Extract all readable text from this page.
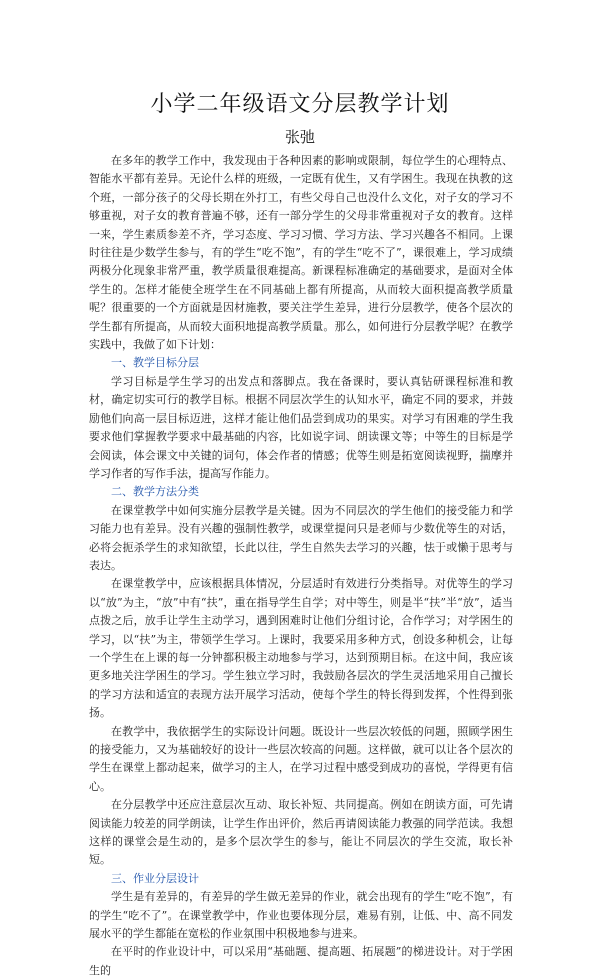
小学二年级语文分层教学计划
张弛

在多年的教学工作中，我发现由于各种因素的影响或限制，每位学生的心理特点、智能水平都有差异。无论什么样的班级，一定既有优生，又有学困生。我现在执教的这个班，一部分孩子的父母长期在外打工，有些父母自己也没什么文化，对子女的学习不够重视，对子女的教育普遍不够，还有一部分学生的父母非常重视对子女的教育。这样一来，学生素质参差不齐，学习态度、学习习惯、学习方法、学习兴趣各不相同。上课时往往是少数学生参与，有的学生“吃不饱”，有的学生“吃不了”，课很难上，学习成绩两极分化现象非常严重，教学质量很难提高。新课程标准确定的基础要求，是面对全体学生的。怎样才能使全班学生在不同基础上都有所提高，从而较大面积提高教学质量呢？很重要的一个方面就是因材施教，要关注学生差异，进行分层教学，使各个层次的学生都有所提高，从而较大面积地提高教学质量。那么，如何进行分层教学呢？在教学实践中，我做了如下计划：

一、教学目标分层

学习目标是学生学习的出发点和落脚点。我在备课时，要认真钻研课程标准和教材，确定切实可行的教学目标。根据不同层次学生的认知水平，确定不同的要求，并鼓励他们向高一层目标迈进，这样才能让他们品尝到成功的果实。对学习有困难的学生我要求他们掌握教学要求中最基础的内容，比如说字词、朗读课文等；中等生的目标是学会阅读，体会课文中关键的词句，体会作者的情感；优等生则是拓宽阅读视野，揣摩并学习作者的写作手法，提高写作能力。

二、教学方法分类

在课堂教学中如何实施分层教学是关键。因为不同层次的学生他们的接受能力和学习能力也有差异。没有兴趣的强制性教学，或课堂提问只是老师与少数优等生的对话，必将会扼杀学生的求知欲望，长此以往，学生自然失去学习的兴趣，怯于或懒于思考与表达。

在课堂教学中，应该根据具体情况，分层适时有效进行分类指导。对优等生的学习以“放”为主，“放”中有“扶”，重在指导学生自学；对中等生，则是半“扶”半“放”，适当点拨之后，放手让学生主动学习，遇到困难时让他们分组讨论，合作学习；对学困生的学习，以“扶”为主，带领学生学习。上课时，我要采用多种方式，创设多种机会，让每一个学生在上课的每一分钟都积极主动地参与学习，达到预期目标。在这中间，我应该更多地关注学困生的学习。学生独立学习时，我鼓励各层次的学生灵活地采用自己擅长的学习方法和适宜的表现方法开展学习活动，使每个学生的特长得到发挥，个性得到张扬。

在教学中，我依据学生的实际设计问题。既设计一些层次较低的问题，照顾学困生的接受能力，又为基础较好的设计一些层次较高的问题。这样做，就可以让各个层次的学生在课堂上都动起来，做学习的主人，在学习过程中感受到成功的喜悦，学得更有信心。

在分层教学中还应注意层次互动、取长补短、共同提高。例如在朗读方面，可先请阅读能力较差的同学朗读，让学生作出评价，然后再请阅读能力教强的同学范读。我想这样的课堂会是生动的，是多个层次学生的参与，能让不同层次的学生交流，取长补短。

三、作业分层设计

学生是有差异的，有差异的学生做无差异的作业，就会出现有的学生“吃不饱”，有的学生“吃不了”。在课堂教学中，作业也要体现分层，难易有别，让低、中、高不同发展水平的学生都能在宽松的作业氛围中积极地参与进来。

在平时的作业设计中，可以采用“基础题、提高题、拓展题”的梯进设计。对于学困生的
